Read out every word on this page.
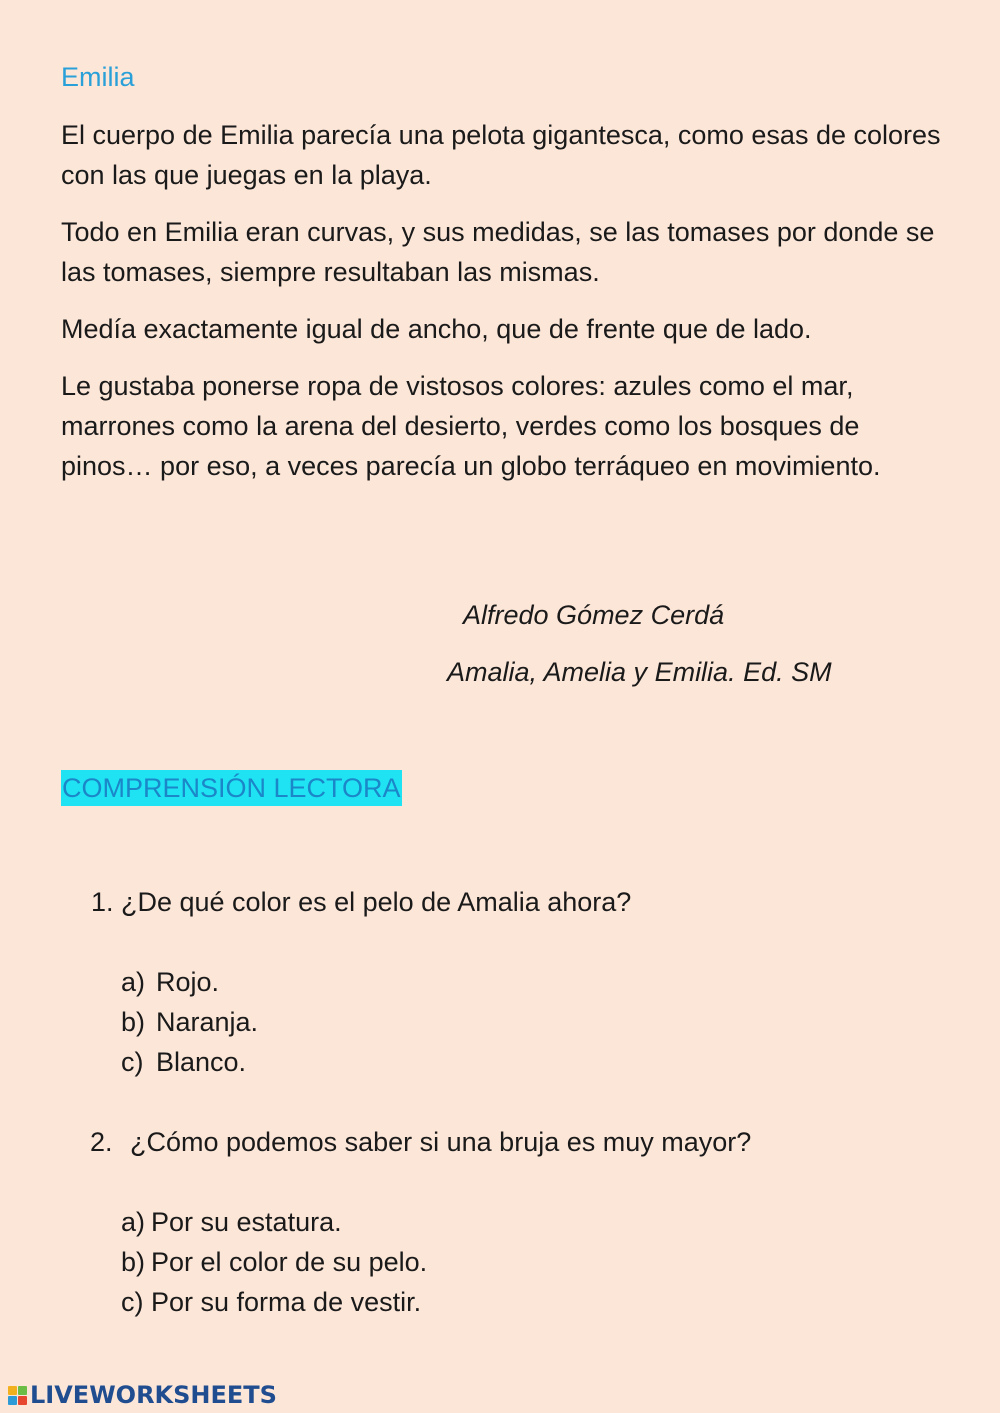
Emilia

El cuerpo de Emilia parecía una pelota gigantesca, como esas de colores con las que juegas en la playa.

Todo en Emilia eran curvas, y sus medidas, se las tomases por donde se las tomases, siempre resultaban las mismas.

Medía exactamente igual de ancho, que de frente que de lado.

Le gustaba ponerse ropa de vistosos colores: azules como el mar, marrones como la arena del desierto, verdes como los bosques de pinos… por eso, a veces parecía un globo terráqueo en movimiento.

Alfredo Gómez Cerdá
Amalia, Amelia y Emilia. Ed. SM
COMPRENSIÓN LECTORA
1. ¿De qué color es el pelo de Amalia ahora?
a) Rojo.
b) Naranja.
c) Blanco.
2. ¿Cómo podemos saber si una bruja es muy mayor?
a) Por su estatura.
b) Por el color de su pelo.
c) Por su forma de vestir.
LIVEWORKSHEETS
